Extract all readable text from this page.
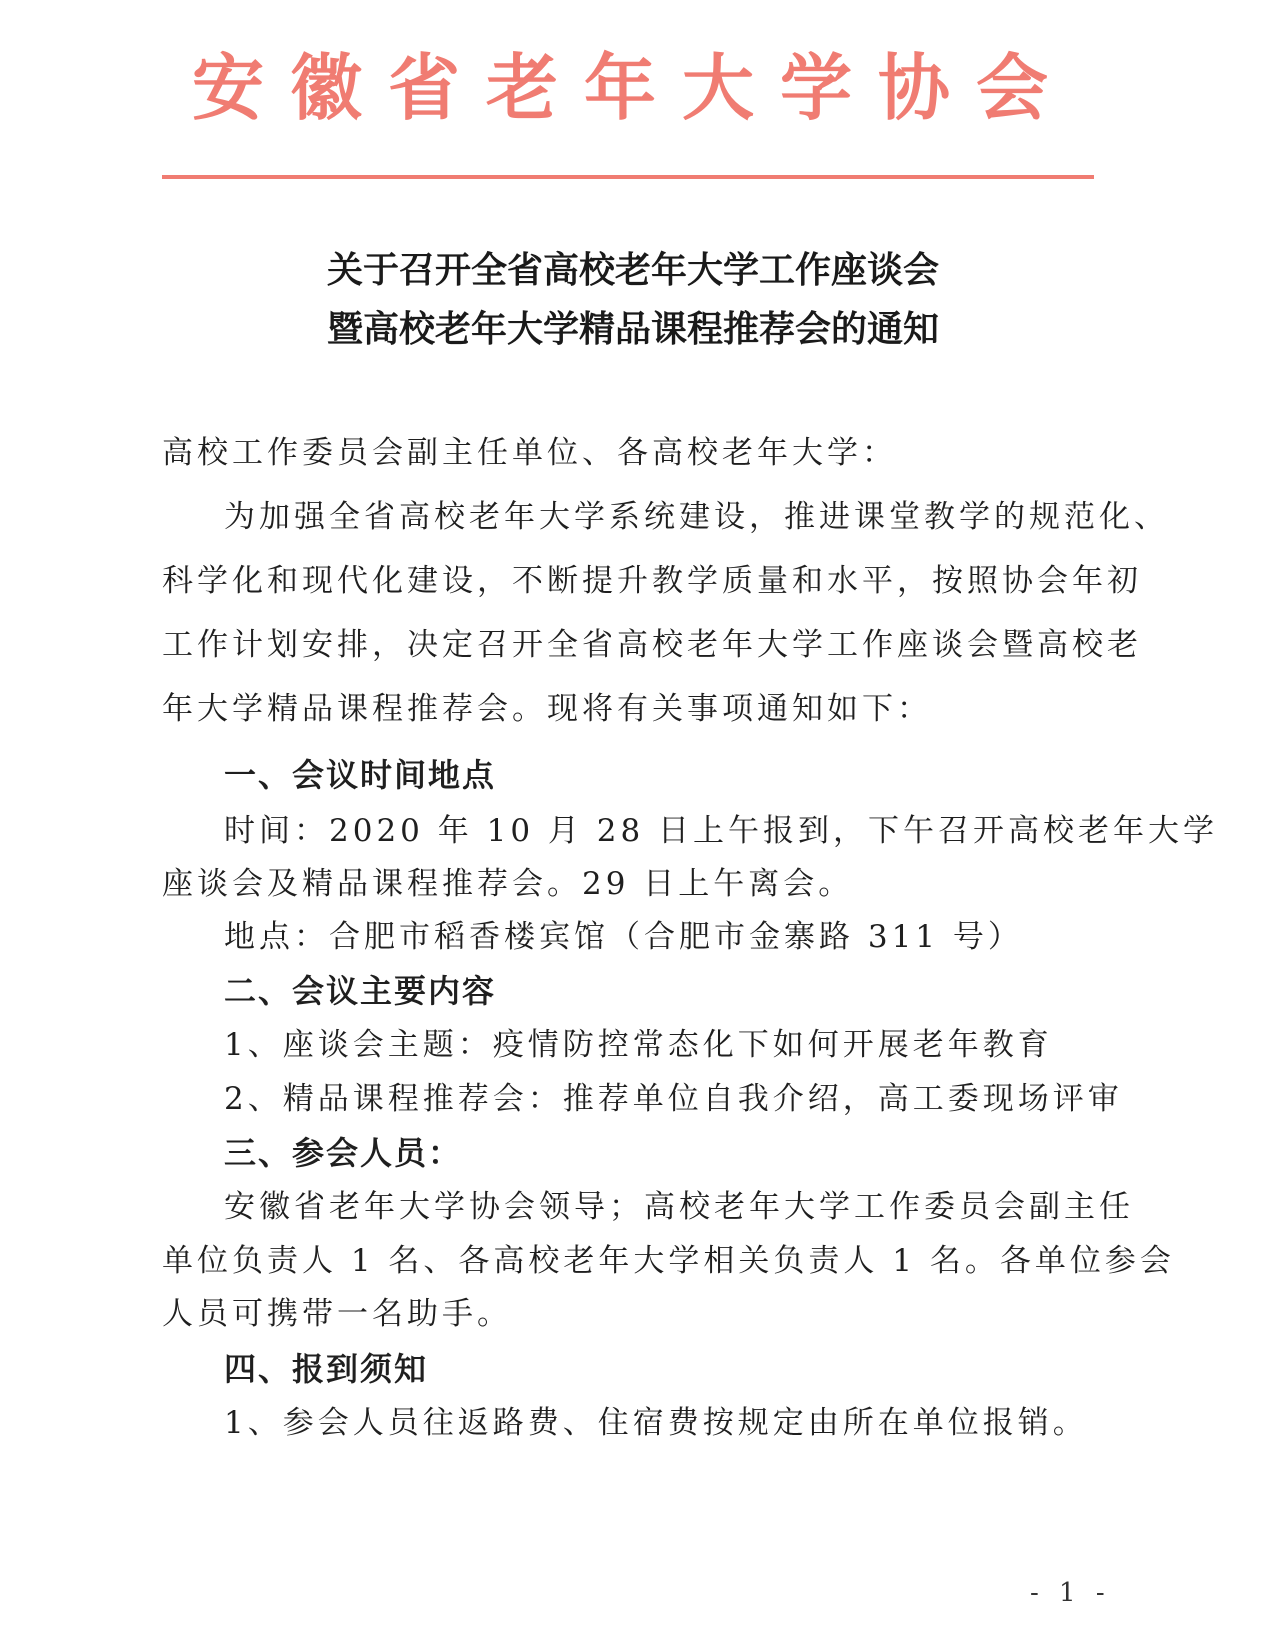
安徽省老年大学协会
关于召开全省高校老年大学工作座谈会
暨高校老年大学精品课程推荐会的通知
高校工作委员会副主任单位、各高校老年大学：
为加强全省高校老年大学系统建设，推进课堂教学的规范化、
科学化和现代化建设，不断提升教学质量和水平，按照协会年初
工作计划安排，决定召开全省高校老年大学工作座谈会暨高校老
年大学精品课程推荐会。现将有关事项通知如下：
一、会议时间地点
时间：2020 年 10 月 28 日上午报到，下午召开高校老年大学
座谈会及精品课程推荐会。29 日上午离会。
地点：合肥市稻香楼宾馆（合肥市金寨路 311 号）
二、会议主要内容
1、座谈会主题：疫情防控常态化下如何开展老年教育
2、精品课程推荐会：推荐单位自我介绍，高工委现场评审
三、参会人员：
安徽省老年大学协会领导；高校老年大学工作委员会副主任
单位负责人 1 名、各高校老年大学相关负责人 1 名。各单位参会
人员可携带一名助手。
四、报到须知
1、参会人员往返路费、住宿费按规定由所在单位报销。
- 1 -
